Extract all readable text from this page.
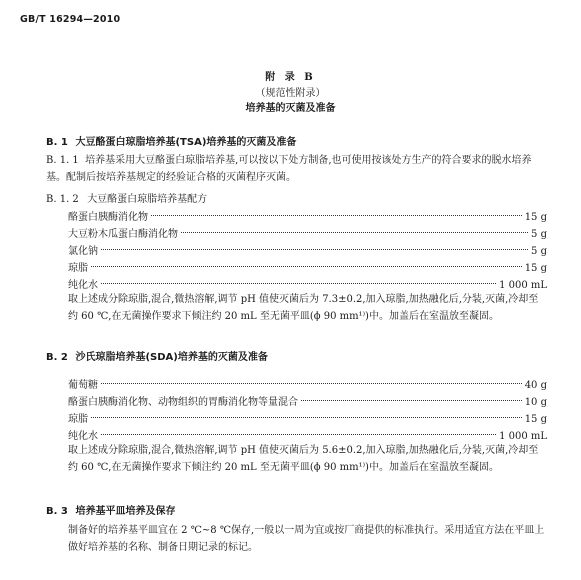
GB/T 16294—2010
附 录 B
（规范性附录）
培养基的灭菌及准备
B. 1 大豆酪蛋白琼脂培养基(TSA)培养基的灭菌及准备
B. 1. 1 培养基采用大豆酪蛋白琼脂培养基,可以按以下处方制备,也可使用按该处方生产的符合要求的脱水培养基。配制后按培养基规定的经验证合格的灭菌程序灭菌。
B. 1. 2 大豆酪蛋白琼脂培养基配方
酪蛋白胰酶消化物	15 g
大豆粉木瓜蛋白酶消化物	5 g
氯化钠	5 g
琼脂	15 g
纯化水	1 000 mL
取上述成分除琼脂,混合,微热溶解,调节 pH 值使灭菌后为 7.3±0.2,加入琼脂,加热融化后,分装,灭菌,冷却至约 60 ℃,在无菌操作要求下倾注约 20 mL 至无菌平皿(ϕ 90 mm¹⁾)中。加盖后在室温放至凝固。
B. 2 沙氏琼脂培养基(SDA)培养基的灭菌及准备
葡萄糖	40 g
酪蛋白胰酶消化物、动物组织的胃酶消化物等量混合	10 g
琼脂	15 g
纯化水	1 000 mL
取上述成分除琼脂,混合,微热溶解,调节 pH 值使灭菌后为 5.6±0.2,加入琼脂,加热融化后,分装,灭菌,冷却至约 60 ℃,在无菌操作要求下倾注约 20 mL 至无菌平皿(ϕ 90 mm¹⁾)中。加盖后在室温放至凝固。
B. 3 培养基平皿培养及保存
制备好的培养基平皿宜在 2 ℃~8 ℃保存,一般以一周为宜或按厂商提供的标准执行。采用适宜方法在平皿上做好培养基的名称、制备日期记录的标记。
